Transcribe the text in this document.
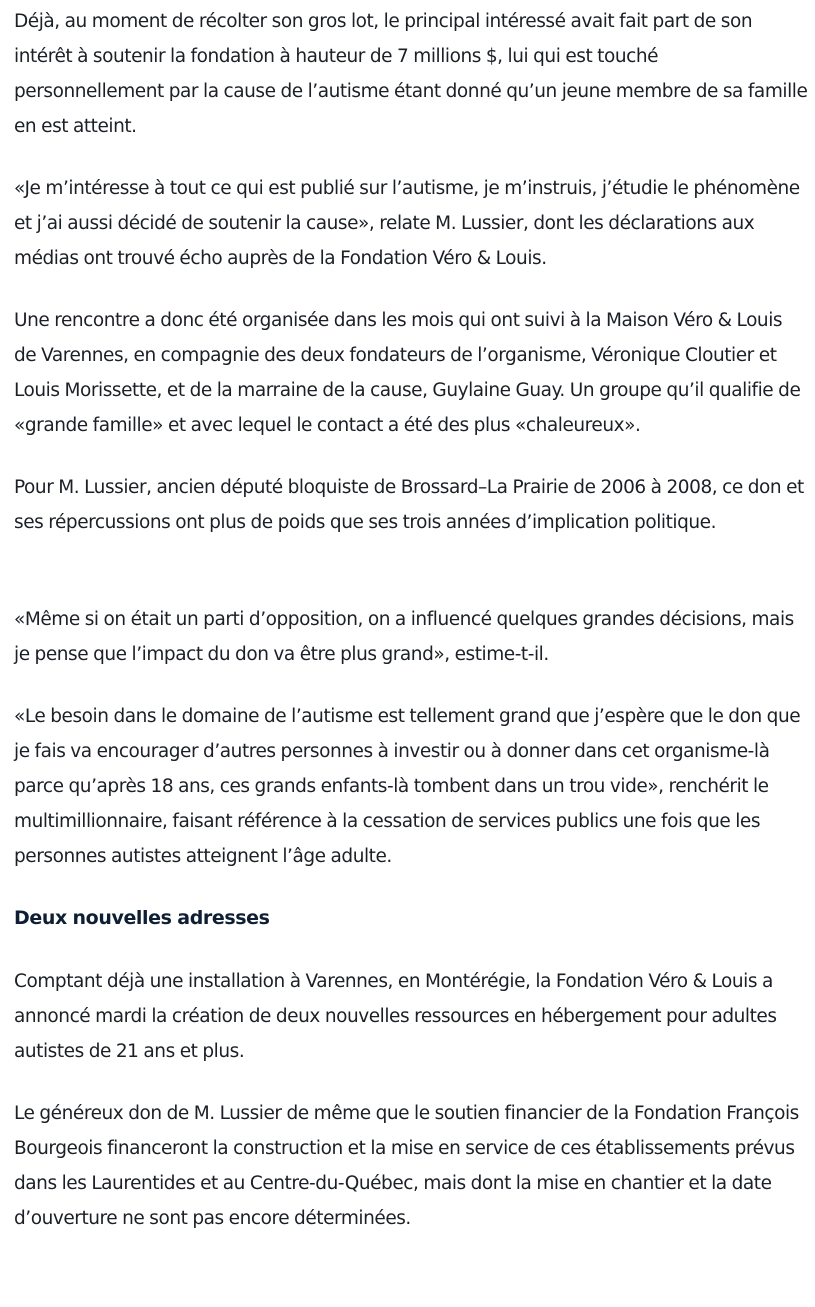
Déjà, au moment de récolter son gros lot, le principal intéressé avait fait part de son intérêt à soutenir la fondation à hauteur de 7 millions $, lui qui est touché personnellement par la cause de l’autisme étant donné qu’un jeune membre de sa famille en est atteint.

«Je m’intéresse à tout ce qui est publié sur l’autisme, je m’instruis, j’étudie le phénomène et j’ai aussi décidé de soutenir la cause», relate M. Lussier, dont les déclarations aux médias ont trouvé écho auprès de la Fondation Véro & Louis.

Une rencontre a donc été organisée dans les mois qui ont suivi à la Maison Véro & Louis de Varennes, en compagnie des deux fondateurs de l’organisme, Véronique Cloutier et Louis Morissette, et de la marraine de la cause, Guylaine Guay. Un groupe qu’il qualifie de «grande famille» et avec lequel le contact a été des plus «chaleureux».

Pour M. Lussier, ancien député bloquiste de Brossard–La Prairie de 2006 à 2008, ce don et ses répercussions ont plus de poids que ses trois années d’implication politique.

«Même si on était un parti d’opposition, on a influencé quelques grandes décisions, mais je pense que l’impact du don va être plus grand», estime-t-il.

«Le besoin dans le domaine de l’autisme est tellement grand que j’espère que le don que je fais va encourager d’autres personnes à investir ou à donner dans cet organisme-là parce qu’après 18 ans, ces grands enfants-là tombent dans un trou vide», renchérit le multimillionnaire, faisant référence à la cessation de services publics une fois que les personnes autistes atteignent l’âge adulte.

Deux nouvelles adresses

Comptant déjà une installation à Varennes, en Montérégie, la Fondation Véro & Louis a annoncé mardi la création de deux nouvelles ressources en hébergement pour adultes autistes de 21 ans et plus.

Le généreux don de M. Lussier de même que le soutien financier de la Fondation François Bourgeois financeront la construction et la mise en service de ces établissements prévus dans les Laurentides et au Centre-du-Québec, mais dont la mise en chantier et la date d’ouverture ne sont pas encore déterminées.
